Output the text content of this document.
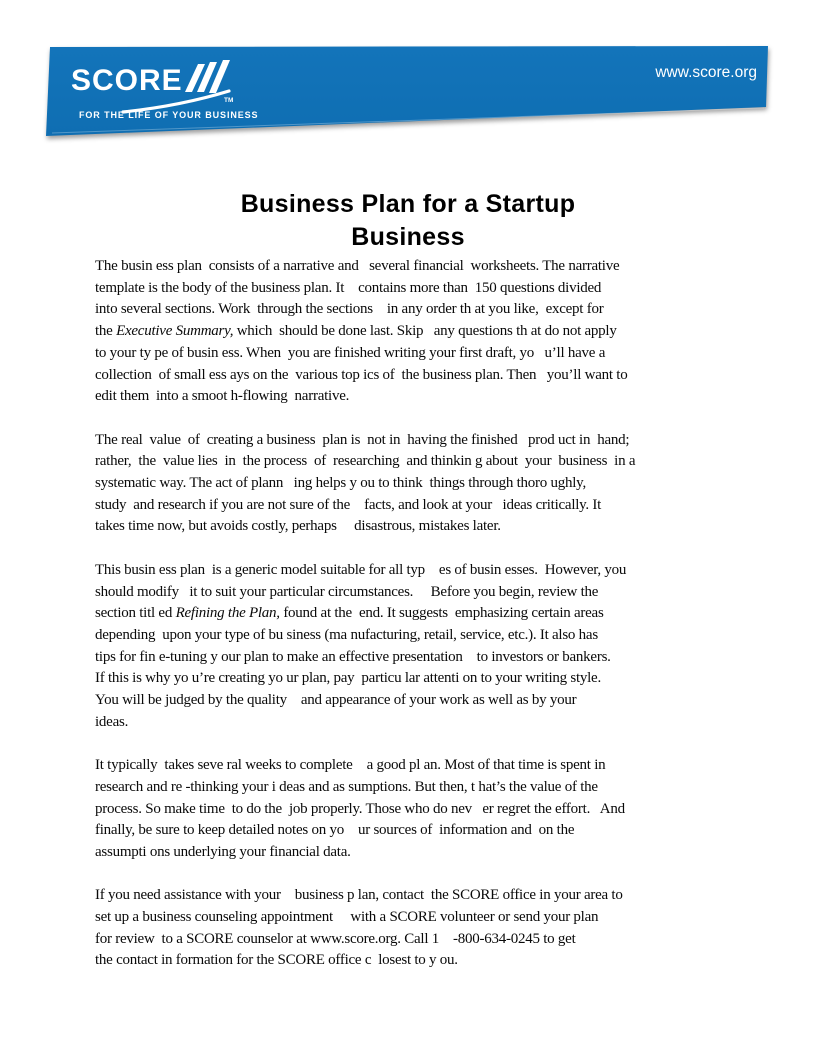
SCORE
TM
FOR THE LIFE OF YOUR BUSINESS
www.score.org
Business Plan for a Startup
Business
The busin ess plan  consists of a narrative and   several financial  worksheets. The narrative
template is the body of the business plan. It    contains more than  150 questions divided
into several sections. Work  through the sections    in any order th at you like,  except for
the Executive Summary, which  should be done last. Skip   any questions th at do not apply
to your ty pe of busin ess. When  you are finished writing your first draft, yo   u’ll have a
collection  of small ess ays on the  various top ics of  the business plan. Then   you’ll want to
edit them  into a smoot h-flowing  narrative.
The real  value  of  creating a business  plan is  not in  having the finished   prod uct in  hand;
rather,  the  value lies  in  the process  of  researching  and thinkin g about  your  business  in a
systematic way. The act of plann   ing helps y ou to think  things through thoro ughly,
study  and research if you are not sure of the    facts, and look at your   ideas critically. It
takes time now, but avoids costly, perhaps     disastrous, mistakes later.
This busin ess plan  is a generic model suitable for all typ    es of busin esses.  However, you
should modify   it to suit your particular circumstances.     Before you begin, review the
section titl ed Refining the Plan, found at the  end. It suggests  emphasizing certain areas
depending  upon your type of bu siness (ma nufacturing, retail, service, etc.). It also has
tips for fin e-tuning y our plan to make an effective presentation    to investors or bankers.
If this is why yo u’re creating yo ur plan, pay  particu lar attenti on to your writing style.
You will be judged by the quality    and appearance of your work as well as by your
ideas.
It typically  takes seve ral weeks to complete    a good pl an. Most of that time is spent in
research and re -thinking your i deas and as sumptions. But then, t hat’s the value of the
process. So make time  to do the  job properly. Those who do nev   er regret the effort.   And
finally, be sure to keep detailed notes on yo    ur sources of  information and  on the
assumpti ons underlying your financial data.
If you need assistance with your    business p lan, contact  the SCORE office in your area to
set up a business counseling appointment     with a SCORE volunteer or send your plan
for review  to a SCORE counselor at www.score.org. Call 1    -800-634-0245 to get
the contact in formation for the SCORE office c  losest to y ou.
